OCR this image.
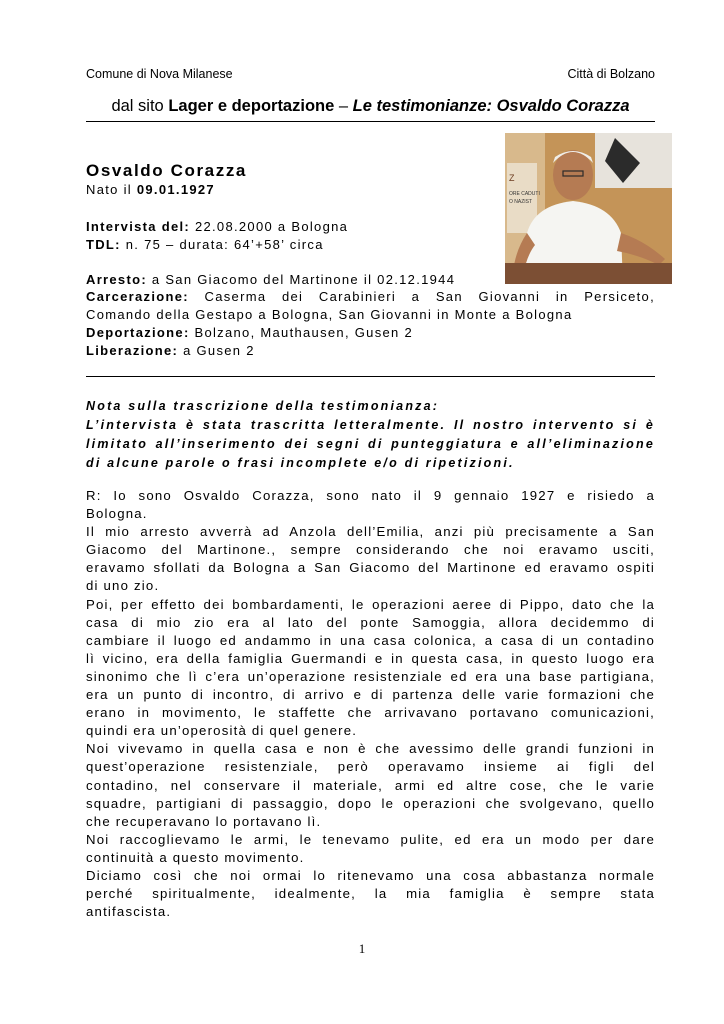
Comune di Nova Milanese	Città di Bolzano
dal sito Lager e deportazione – Le testimonianze: Osvaldo Corazza
Z
ORE CADUTI
O NAZIST
Osvaldo Corazza
Nato il 09.01.1927
Intervista del: 22.08.2000 a Bologna
TDL: n. 75 – durata: 64’+58’ circa
Arresto: a San Giacomo del Martinone il 02.12.1944
Carcerazione: Caserma dei Carabinieri a San Giovanni in Persiceto,
Comando della Gestapo a Bologna, San Giovanni in Monte a Bologna
Deportazione: Bolzano, Mauthausen, Gusen 2
Liberazione: a Gusen 2
Nota sulla trascrizione della testimonianza:
L’intervista è stata trascritta letteralmente. Il nostro intervento si è
limitato all’inserimento dei segni di punteggiatura e all’eliminazione
di alcune parole o frasi incomplete e/o di ripetizioni.
R: Io sono Osvaldo Corazza, sono nato il 9 gennaio 1927 e risiedo a
Bologna.
Il mio arresto avverrà ad Anzola dell’Emilia, anzi più precisamente a San
Giacomo del Martinone., sempre considerando che noi eravamo usciti,
eravamo sfollati da Bologna a San Giacomo del Martinone ed eravamo ospiti
di uno zio.
Poi, per effetto dei bombardamenti, le operazioni aeree di Pippo, dato che la
casa di mio zio era al lato del ponte Samoggia, allora decidemmo di
cambiare il luogo ed andammo in una casa colonica, a casa di un contadino
lì vicino, era della famiglia Guermandi e in questa casa, in questo luogo era
sinonimo che lì c’era un’operazione resistenziale ed era una base partigiana,
era un punto di incontro, di arrivo e di partenza delle varie formazioni che
erano in movimento, le staffette che arrivavano portavano comunicazioni,
quindi era un’operosità di quel genere.
Noi vivevamo in quella casa e non è che avessimo delle grandi funzioni in
quest’operazione resistenziale, però operavamo insieme ai figli del
contadino, nel conservare il materiale, armi ed altre cose, che le varie
squadre, partigiani di passaggio, dopo le operazioni che svolgevano, quello
che recuperavano lo portavano lì.
Noi raccoglievamo le armi, le tenevamo pulite, ed era un modo per dare
continuità a questo movimento.
Diciamo così che noi ormai lo ritenevamo una cosa abbastanza normale
perché spiritualmente, idealmente, la mia famiglia è sempre stata
antifascista.
1
